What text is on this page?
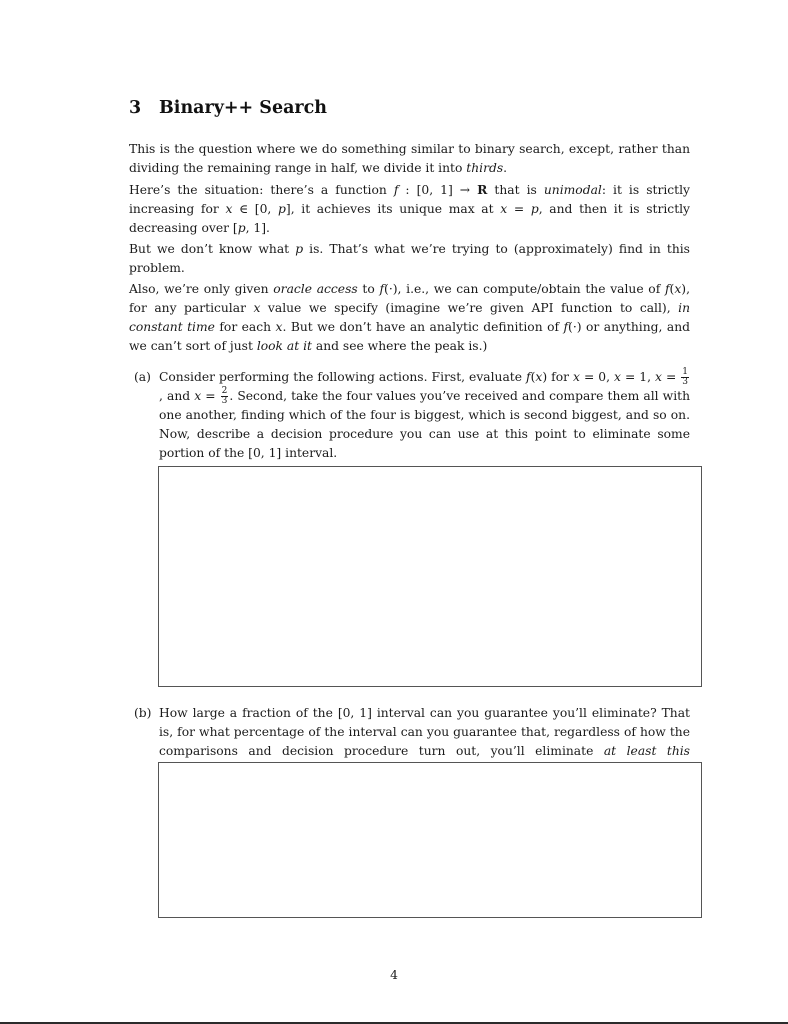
3 Binary++ Search
This is the question where we do something similar to binary search, except, rather than dividing the remaining range in half, we divide it into thirds.
Here’s the situation: there’s a function f : [0, 1] → R that is unimodal: it is strictly increasing for x ∈ [0, p], it achieves its unique max at x = p, and then it is strictly decreasing over [p, 1].
But we don’t know what p is. That’s what we’re trying to (approximately) find in this problem.
Also, we’re only given oracle access to f(·), i.e., we can compute/obtain the value of f(x), for any particular x value we specify (imagine we’re given API function to call), in constant time for each x. But we don’t have an analytic definition of f(·) or anything, and we can’t sort of just look at it and see where the peak is.)
(a) Consider performing the following actions. First, evaluate f(x) for x = 0, x = 1, $x = \frac{1}{3}$
, and $x = \frac{2}{3}$ . Second, take the four values you’ve received and compare them all with one another, finding which of the four is biggest, which is second biggest, and so on. Now, describe a decision procedure you can use at this point to eliminate some portion of the [0, 1] interval.
(b) How large a fraction of the [0, 1] interval can you guarantee you’ll eliminate? That is, for what percentage of the interval can you guarantee that, regardless of how the comparisons and decision procedure turn out, you’ll eliminate at least this
4
